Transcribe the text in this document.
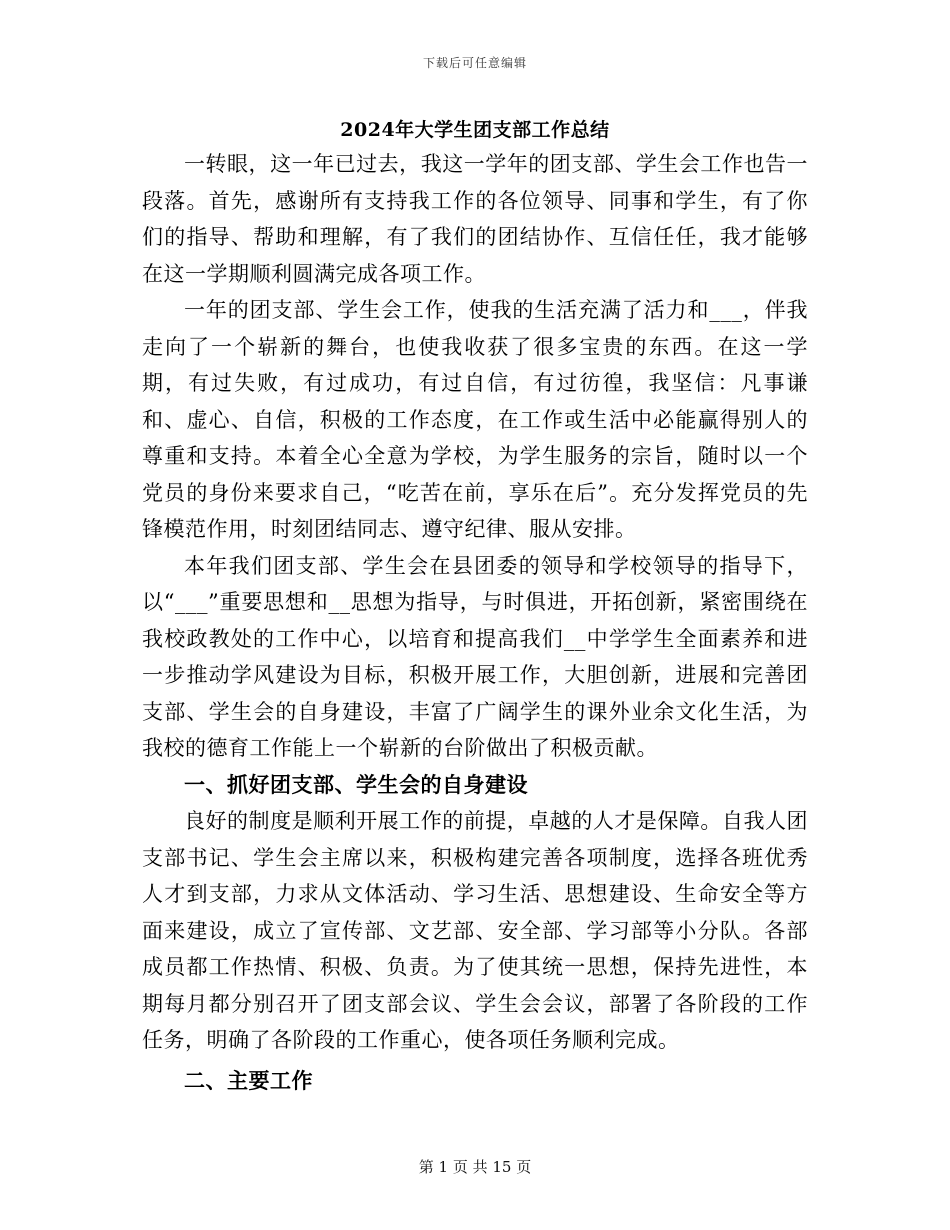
下载后可任意编辑
2024年大学生团支部工作总结

一转眼，这一年已过去，我这一学年的团支部、学生会工作也告一段落。首先，感谢所有支持我工作的各位领导、同事和学生，有了你们的指导、帮助和理解，有了我们的团结协作、互信任任，我才能够在这一学期顺利圆满完成各项工作。

一年的团支部、学生会工作，使我的生活充满了活力和___，伴我走向了一个崭新的舞台，也使我收获了很多宝贵的东西。在这一学期，有过失败，有过成功，有过自信，有过彷徨，我坚信：凡事谦和、虚心、自信，积极的工作态度，在工作或生活中必能赢得别人的尊重和支持。本着全心全意为学校，为学生服务的宗旨，随时以一个党员的身份来要求自己，“吃苦在前，享乐在后”。充分发挥党员的先锋模范作用，时刻团结同志、遵守纪律、服从安排。

本年我们团支部、学生会在县团委的领导和学校领导的指导下，以“___”重要思想和__思想为指导，与时俱进，开拓创新，紧密围绕在我校政教处的工作中心，以培育和提高我们__中学学生全面素养和进一步推动学风建设为目标，积极开展工作，大胆创新，进展和完善团支部、学生会的自身建设，丰富了广阔学生的课外业余文化生活，为我校的德育工作能上一个崭新的台阶做出了积极贡献。

一、抓好团支部、学生会的自身建设

良好的制度是顺利开展工作的前提，卓越的人才是保障。自我人团支部书记、学生会主席以来，积极构建完善各项制度，选择各班优秀人才到支部，力求从文体活动、学习生活、思想建设、生命安全等方面来建设，成立了宣传部、文艺部、安全部、学习部等小分队。各部成员都工作热情、积极、负责。为了使其统一思想，保持先进性，本期每月都分别召开了团支部会议、学生会会议，部署了各阶段的工作任务，明确了各阶段的工作重心，使各项任务顺利完成。

二、主要工作

第 1 页 共 15 页
